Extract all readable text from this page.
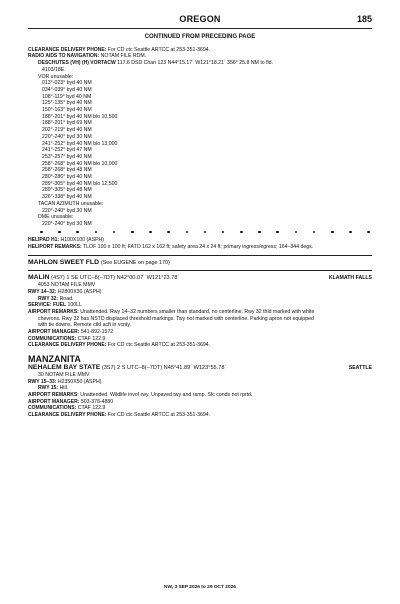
OREGON	185
CONTINUED FROM PRECEDING PAGE
CLEARANCE DELIVERY PHONE: For CD ctc Seattle ARTCC at 253-351-3694.
RADIO AIDS TO NAVIGATION: NOTAM FILE RDM.
DESCHUTES (VH) (H) VORTACW 117.6 DSD Chan 123 N44°15.17´ W121°18.21´ 356° 25.8 NM to fld.
4103/18E.
VOR unusable:
013°-023° byd 40 NM
034°-039° byd 40 NM
108°-119° byd 40 NM
125°-135° byd 40 NM
150°-163° byd 40 NM
188°-201° byd 40 NM blo 10,500´
188°-201° byd 69 NM
202°-219° byd 40 NM
220°-240° byd 30 NM
241°-252° byd 40 NM blo 13,000´
241°-252° byd 47 NM
253°-257° byd 40 NM
258°-268° byd 40 NM blo 10,000´
258°-268° byd 48 NM
280°-286° byd 40 NM
289°-305° byd 40 NM blo 12,500´
289°-305° byd 48 NM
326°-338° byd 40 NM
TACAN AZIMUTH unusable:
220°-240° byd 30 NM
DME unusable:
220°-240° byd 30 NM
HELIPAD H1: H100X100 (ASPH)
HELIPORT REMARKS: TLOF 100 x 100 ft; FATO 162 x 162 ft; safety area 24 x 24 ft; primary ingress/egress; 164–344 degs.
MAHLON SWEET FLD (See EUGENE on page 170)
MALIN (4S7) 1 SE UTC–8(–7DT) N42°00.07´ W121°23.78´	KLAMATH FALLS
4053 NOTAM FILE MMV
RWY 14–32: H2800X30 (ASPH)
RWY 32: Road.
SERVICE: FUEL 100LL
AIRPORT REMARKS: Unattended. Rwy 14–32 numbers smaller than standard, no centerline. Rwy 32 thld marked with white
chevrons. Rwy 32 has NSTD displaced threshold markings. Twy not marked with centerline. Parking apron not equipped
with tie downs. Remote ctld acft in vcnty.
AIRPORT MANAGER: 541-892-1572
COMMUNICATIONS: CTAF 122.9
CLEARANCE DELIVERY PHONE: For CD ctc Seattle ARTCC at 253-351-3694.
MANZANITA
NEHALEM BAY STATE (3S7) 2 S UTC–8(–7DT) N45°41.89´ W123°55.78´	SEATTLE
30 NOTAM FILE MMV
RWY 15–33: H2350X50 (ASPH)
RWY 15: Hill.
AIRPORT REMARKS: Unattended. Wildlife invof rwy. Unpaved twy and ramp. Sfc conds not rprtd.
AIRPORT MANAGER: 503-378-4880
COMMUNICATIONS: CTAF 122.9
CLEARANCE DELIVERY PHONE: For CD ctc Seattle ARTCC at 253-351-3694.
NW, 3 SEP 2026 to 29 OCT 2026
